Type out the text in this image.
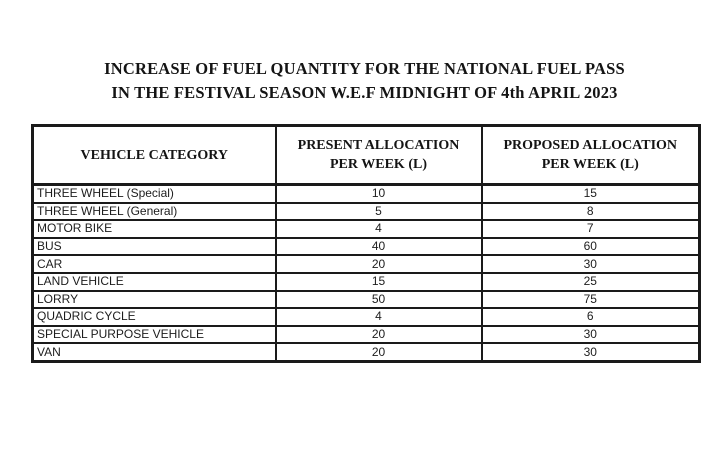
INCREASE OF FUEL QUANTITY FOR THE NATIONAL FUEL PASS
IN THE FESTIVAL SEASON W.E.F MIDNIGHT OF 4th APRIL 2023
VEHICLE CATEGORY	PRESENT ALLOCATION PER WEEK (L)	PROPOSED ALLOCATION PER WEEK (L)
THREE WHEEL (Special)	10	15
THREE WHEEL (General)	5	8
MOTOR BIKE	4	7
BUS	40	60
CAR	20	30
LAND VEHICLE	15	25
LORRY	50	75
QUADRIC CYCLE	4	6
SPECIAL PURPOSE VEHICLE	20	30
VAN	20	30
